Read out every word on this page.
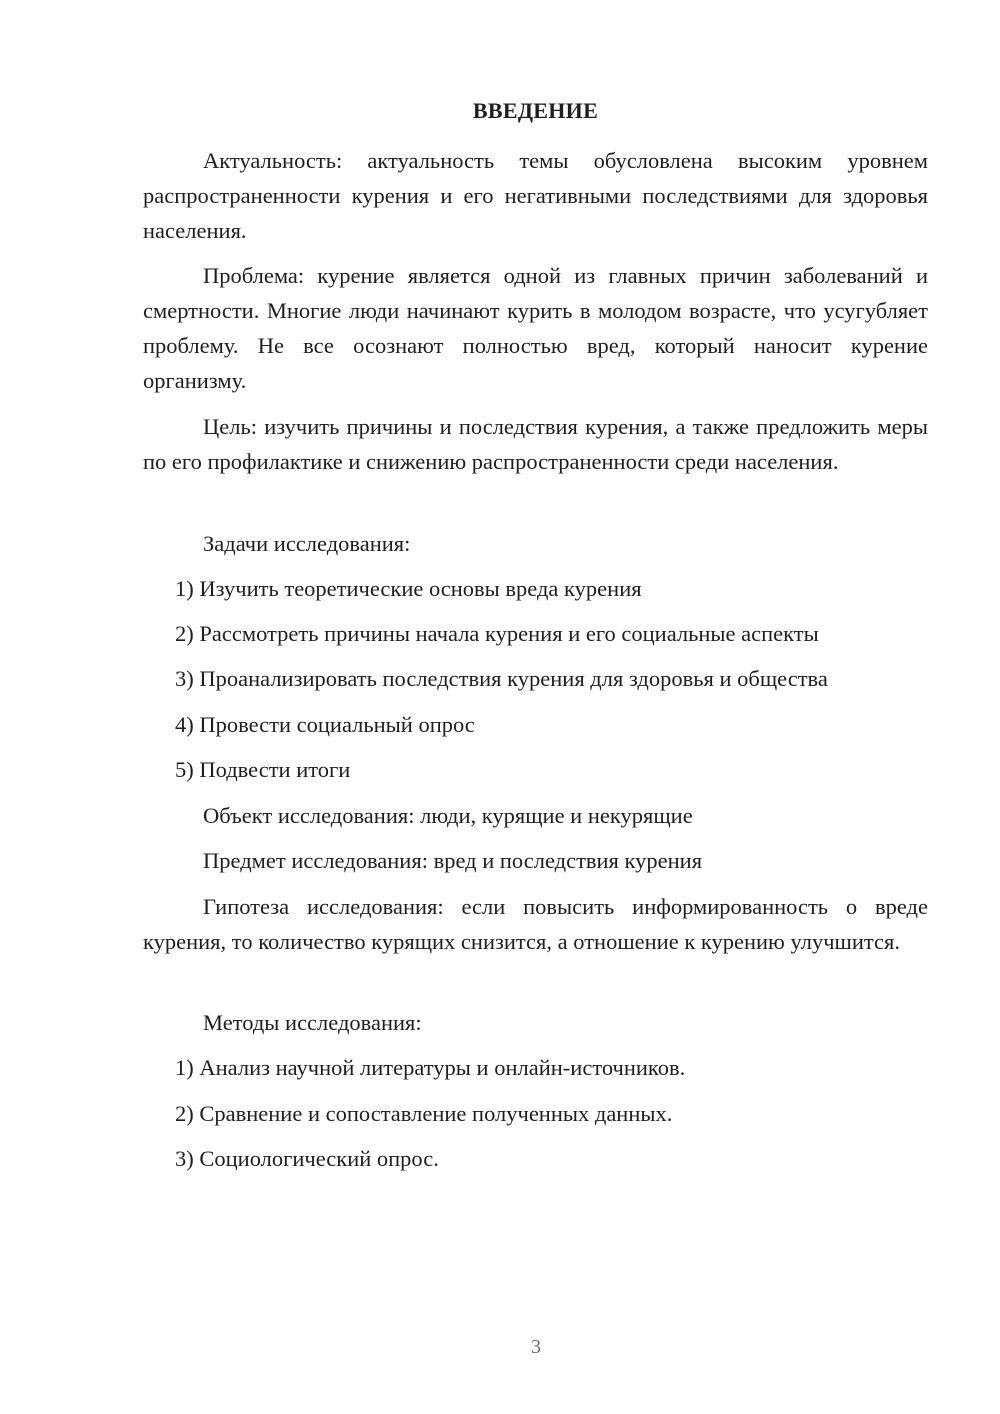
ВВЕДЕНИЕ

Актуальность: актуальность темы обусловлена высоким уровнем распространенности курения и его негативными последствиями для здоровья населения.

Проблема: курение является одной из главных причин заболеваний и смертности. Многие люди начинают курить в молодом возрасте, что усугубляет проблему. Не все осознают полностью вред, который наносит курение организму.

Цель: изучить причины и последствия курения, а также предложить меры по его профилактике и снижению распространенности среди населения.

Задачи исследования:

1) Изучить теоретические основы вреда курения

2) Рассмотреть причины начала курения и его социальные аспекты

3) Проанализировать последствия курения для здоровья и общества

4) Провести социальный опрос

5) Подвести итоги

Объект исследования: люди, курящие и некурящие

Предмет исследования: вред и последствия курения

Гипотеза исследования: если повысить информированность о вреде курения, то количество курящих снизится, а отношение к курению улучшится.

Методы исследования:

1) Анализ научной литературы и онлайн-источников.

2) Сравнение и сопоставление полученных данных.

3) Социологический опрос.

3
